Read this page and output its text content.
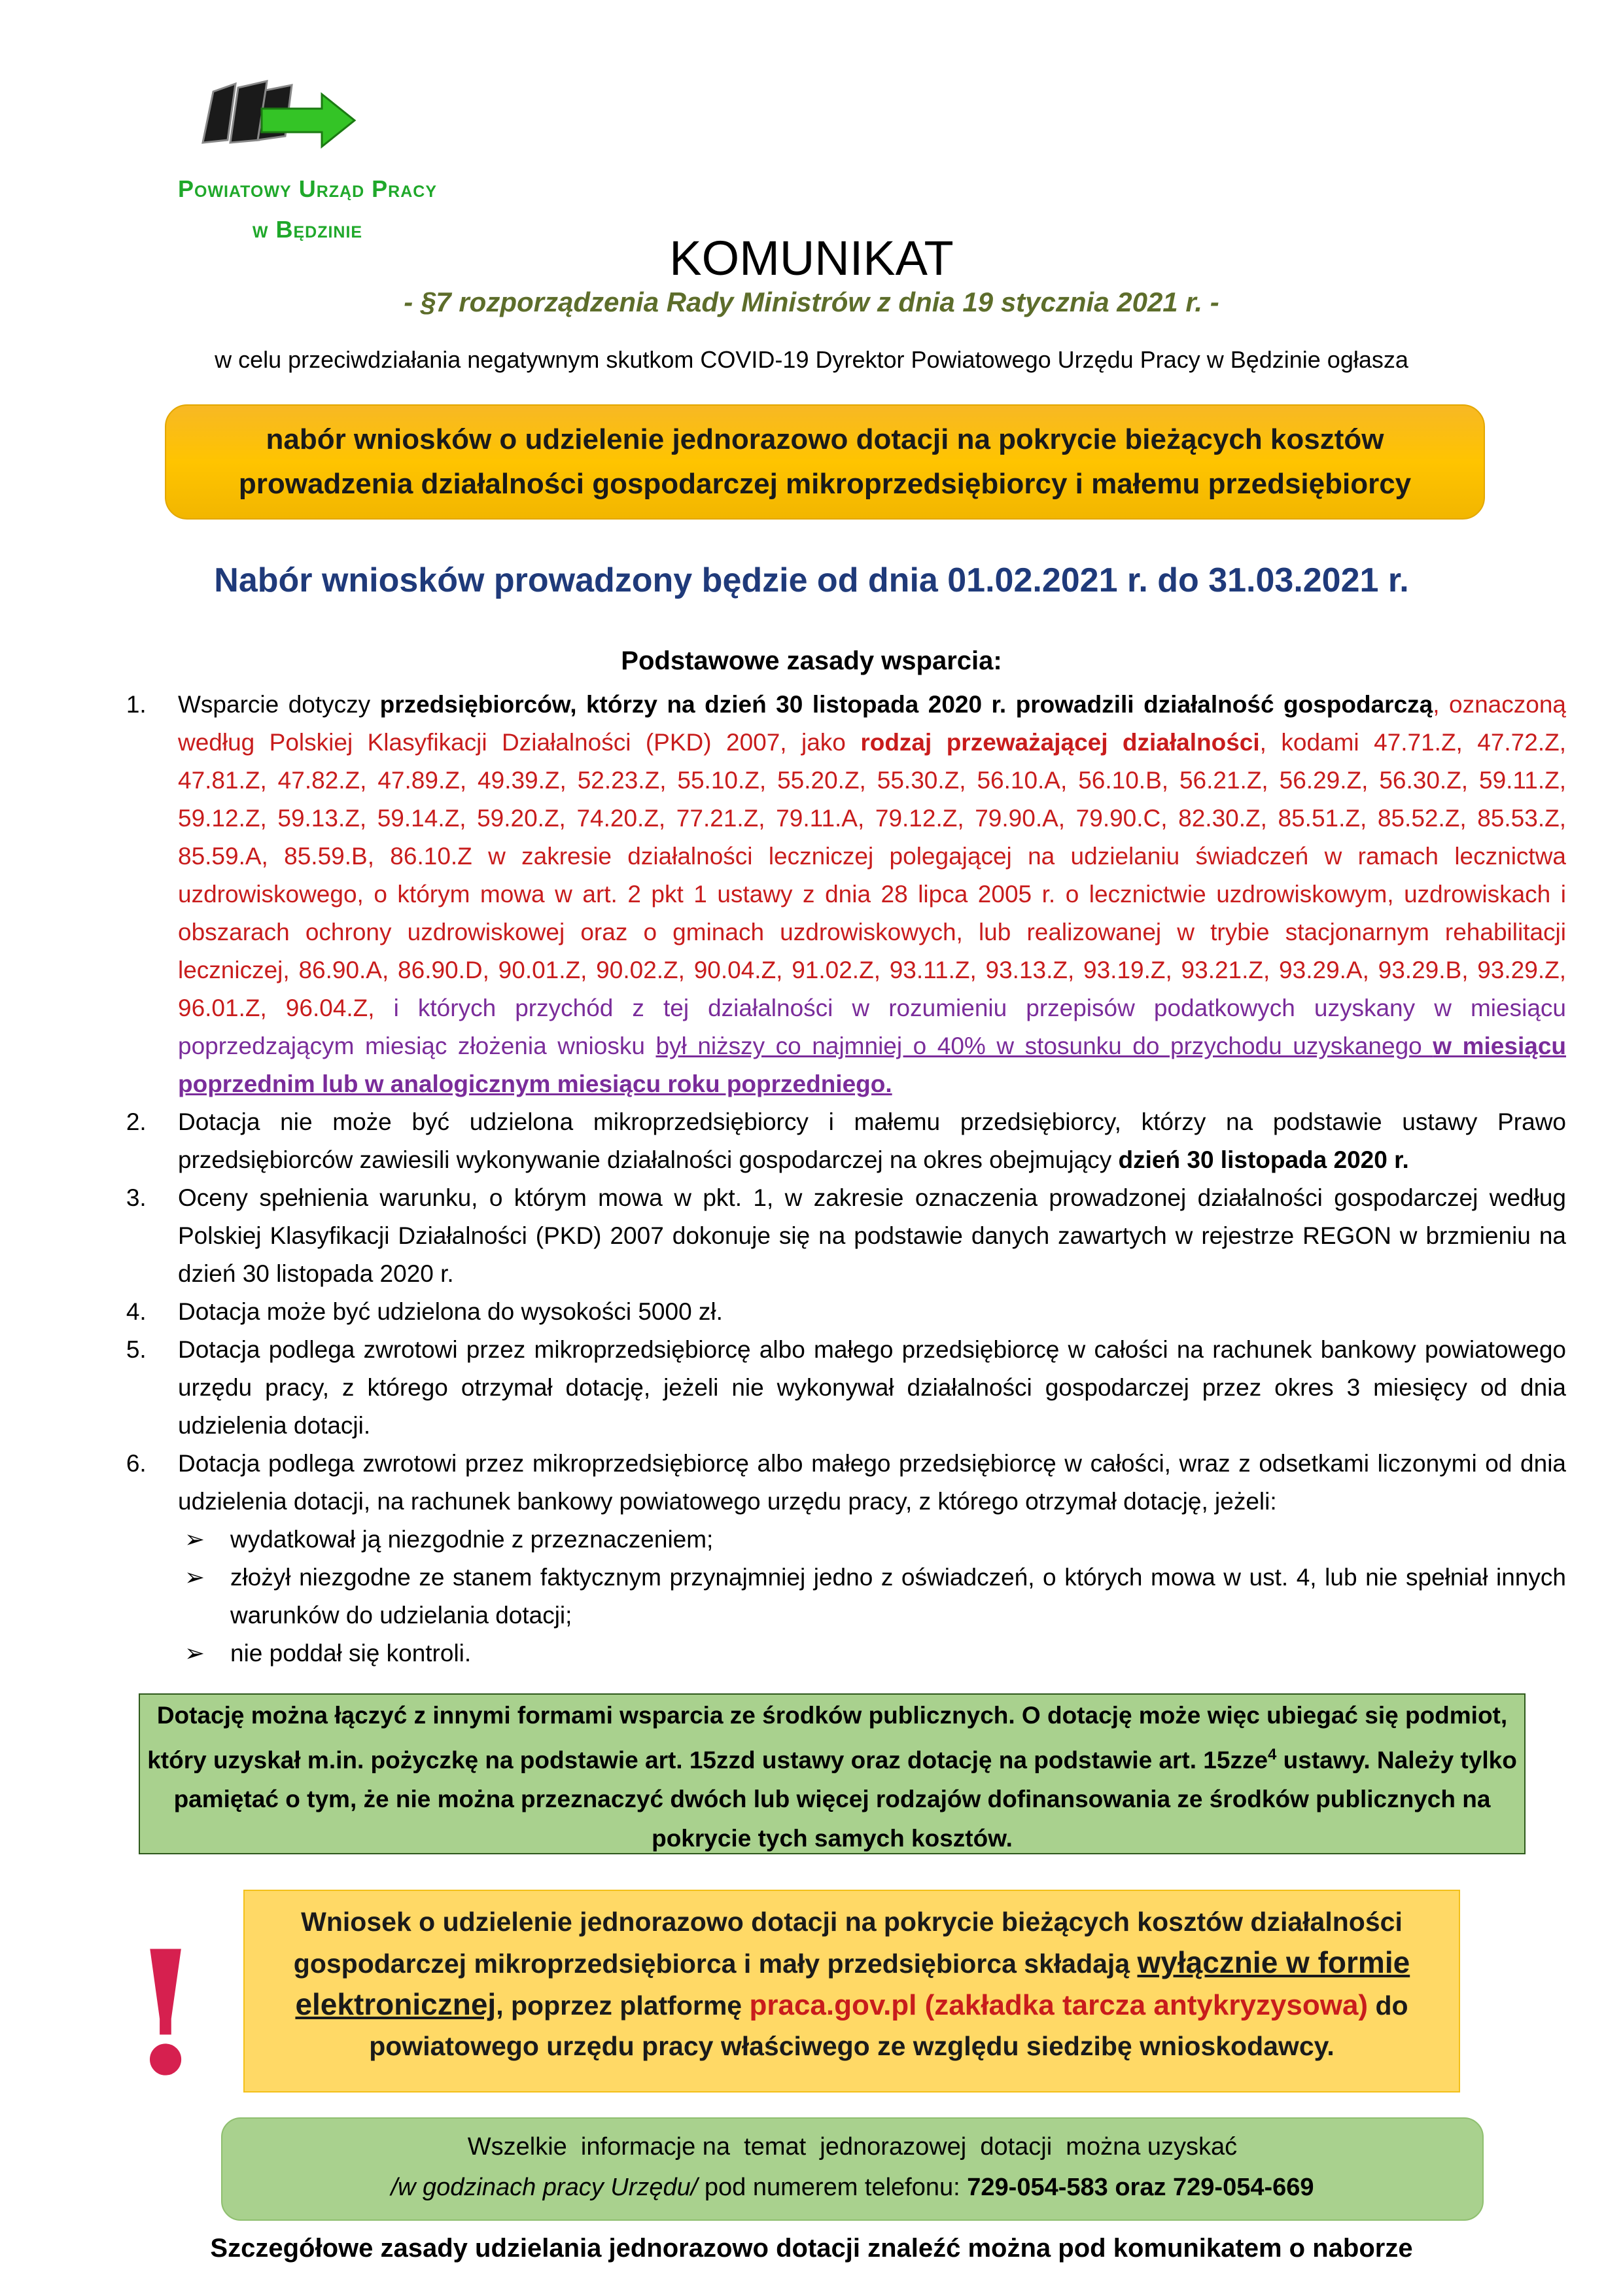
Powiatowy Urząd Pracy
w Będzinie
KOMUNIKAT
- §7 rozporządzenia Rady Ministrów z dnia 19 stycznia 2021 r. -
w celu przeciwdziałania negatywnym skutkom COVID-19 Dyrektor Powiatowego Urzędu Pracy w Będzinie ogłasza
nabór wniosków o udzielenie jednorazowo dotacji na pokrycie bieżących kosztów
prowadzenia działalności gospodarczej mikroprzedsiębiorcy i małemu przedsiębiorcy
Nabór wniosków prowadzony będzie od dnia 01.02.2021 r. do 31.03.2021 r.
Podstawowe zasady wsparcia:
1. Wsparcie dotyczy przedsiębiorców, którzy na dzień 30 listopada 2020 r. prowadzili działalność gospodarczą, oznaczoną według Polskiej Klasyfikacji Działalności (PKD) 2007, jako rodzaj przeważającej działalności, kodami 47.71.Z, 47.72.Z, 47.81.Z, 47.82.Z, 47.89.Z, 49.39.Z, 52.23.Z, 55.10.Z, 55.20.Z, 55.30.Z, 56.10.A, 56.10.B, 56.21.Z, 56.29.Z, 56.30.Z, 59.11.Z, 59.12.Z, 59.13.Z, 59.14.Z, 59.20.Z, 74.20.Z, 77.21.Z, 79.11.A, 79.12.Z, 79.90.A, 79.90.C, 82.30.Z, 85.51.Z, 85.52.Z, 85.53.Z, 85.59.A, 85.59.B, 86.10.Z w zakresie działalności leczniczej polegającej na udzielaniu świadczeń w ramach lecznictwa uzdrowiskowego, o którym mowa w art. 2 pkt 1 ustawy z dnia 28 lipca 2005 r. o lecznictwie uzdrowiskowym, uzdrowiskach i obszarach ochrony uzdrowiskowej oraz o gminach uzdrowiskowych, lub realizowanej w trybie stacjonarnym rehabilitacji leczniczej, 86.90.A, 86.90.D, 90.01.Z, 90.02.Z, 90.04.Z, 91.02.Z, 93.11.Z, 93.13.Z, 93.19.Z, 93.21.Z, 93.29.A, 93.29.B, 93.29.Z, 96.01.Z, 96.04.Z, i których przychód z tej działalności w rozumieniu przepisów podatkowych uzyskany w miesiącu poprzedzającym miesiąc złożenia wniosku był niższy co najmniej o 40% w stosunku do przychodu uzyskanego w miesiącu poprzednim lub w analogicznym miesiącu roku poprzedniego.
2. Dotacja nie może być udzielona mikroprzedsiębiorcy i małemu przedsiębiorcy, którzy na podstawie ustawy Prawo przedsiębiorców zawiesili wykonywanie działalności gospodarczej na okres obejmujący dzień 30 listopada 2020 r.
3. Oceny spełnienia warunku, o którym mowa w pkt. 1, w zakresie oznaczenia prowadzonej działalności gospodarczej według Polskiej Klasyfikacji Działalności (PKD) 2007 dokonuje się na podstawie danych zawartych w rejestrze REGON w brzmieniu na dzień 30 listopada 2020 r.
4. Dotacja może być udzielona do wysokości 5000 zł.
5. Dotacja podlega zwrotowi przez mikroprzedsiębiorcę albo małego przedsiębiorcę w całości na rachunek bankowy powiatowego urzędu pracy, z którego otrzymał dotację, jeżeli nie wykonywał działalności gospodarczej przez okres 3 miesięcy od dnia udzielenia dotacji.
6. Dotacja podlega zwrotowi przez mikroprzedsiębiorcę albo małego przedsiębiorcę w całości, wraz z odsetkami liczonymi od dnia udzielenia dotacji, na rachunek bankowy powiatowego urzędu pracy, z którego otrzymał dotację, jeżeli:
➢ wydatkował ją niezgodnie z przeznaczeniem;
➢ złożył niezgodne ze stanem faktycznym przynajmniej jedno z oświadczeń, o których mowa w ust. 4, lub nie spełniał innych warunków do udzielania dotacji;
➢ nie poddał się kontroli.
Dotację można łączyć z innymi formami wsparcia ze środków publicznych. O dotację może więc ubiegać się podmiot, który uzyskał m.in. pożyczkę na podstawie art. 15zzd ustawy oraz dotację na podstawie art. 15zze$^4$ ustawy. Należy tylko pamiętać o tym, że nie można przeznaczyć dwóch lub więcej rodzajów dofinansowania ze środków publicznych na pokrycie tych samych kosztów.
!	Wniosek o udzielenie jednorazowo dotacji na pokrycie bieżących kosztów działalności gospodarczej mikroprzedsiębiorca i mały przedsiębiorca składają wyłącznie w formie elektronicznej, poprzez platformę praca.gov.pl (zakładka tarcza antykryzysowa) do powiatowego urzędu pracy właściwego ze względu siedzibę wnioskodawcy.
Wszelkie  informacje na  temat  jednorazowej  dotacji  można uzyskać
/w godzinach pracy Urzędu/ pod numerem telefonu: 729-054-583 oraz 729-054-669
Szczegółowe zasady udzielania jednorazowo dotacji znaleźć można pod komunikatem o naborze
